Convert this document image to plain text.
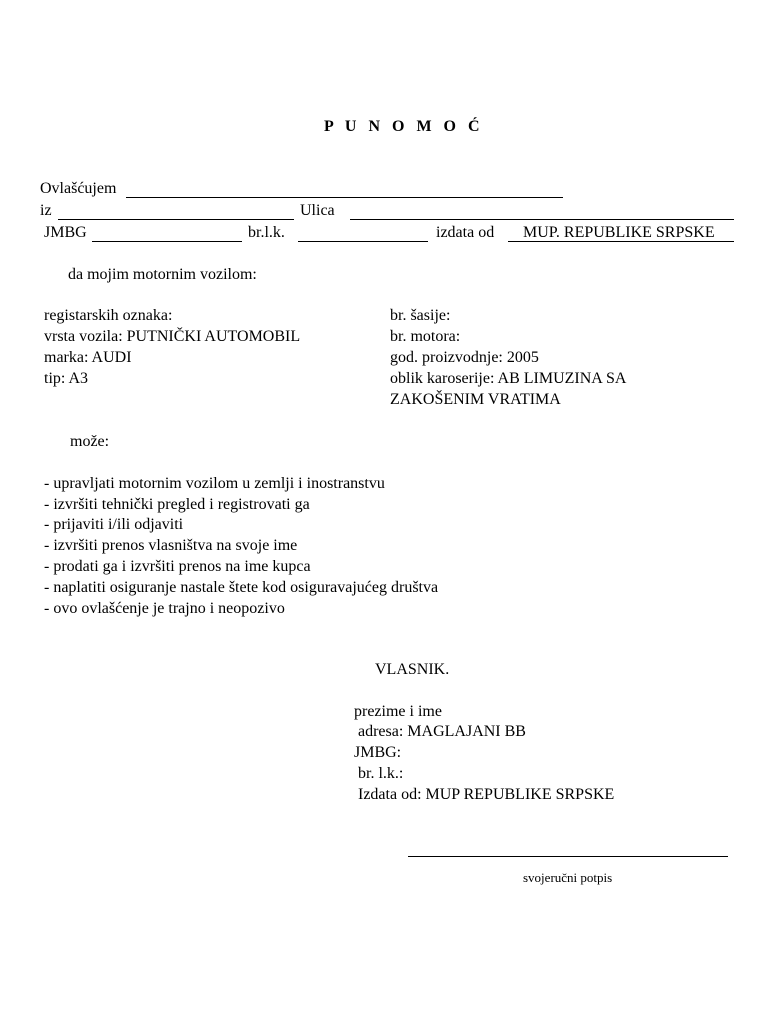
P U N O M O Ć
Ovlašćujem
iz	Ulica
JMBG	br.l.k.	izdata od MUP. REPUBLIKE SRPSKE
da mojim motornim vozilom:
registarskih oznaka:
vrsta vozila: PUTNIČKI AUTOMOBIL
marka: AUDI
tip: A3
br. šasije:
br. motora:
god. proizvodnje: 2005
oblik karoserije: AB LIMUZINA SA
ZAKOŠENIM VRATIMA
može:
- upravljati motornim vozilom u zemlji i inostranstvu
- izvršiti tehnički pregled i registrovati ga
- prijaviti i/ili odjaviti
- izvršiti prenos vlasništva na svoje ime
- prodati ga i izvršiti prenos na ime kupca
- naplatiti osiguranje nastale štete kod osiguravajućeg društva
- ovo ovlašćenje je trajno i neopozivo
VLASNIK.
prezime i ime
adresa: MAGLAJANI BB
JMBG:
br. l.k.:
Izdata od: MUP REPUBLIKE SRPSKE
svojeručni potpis
